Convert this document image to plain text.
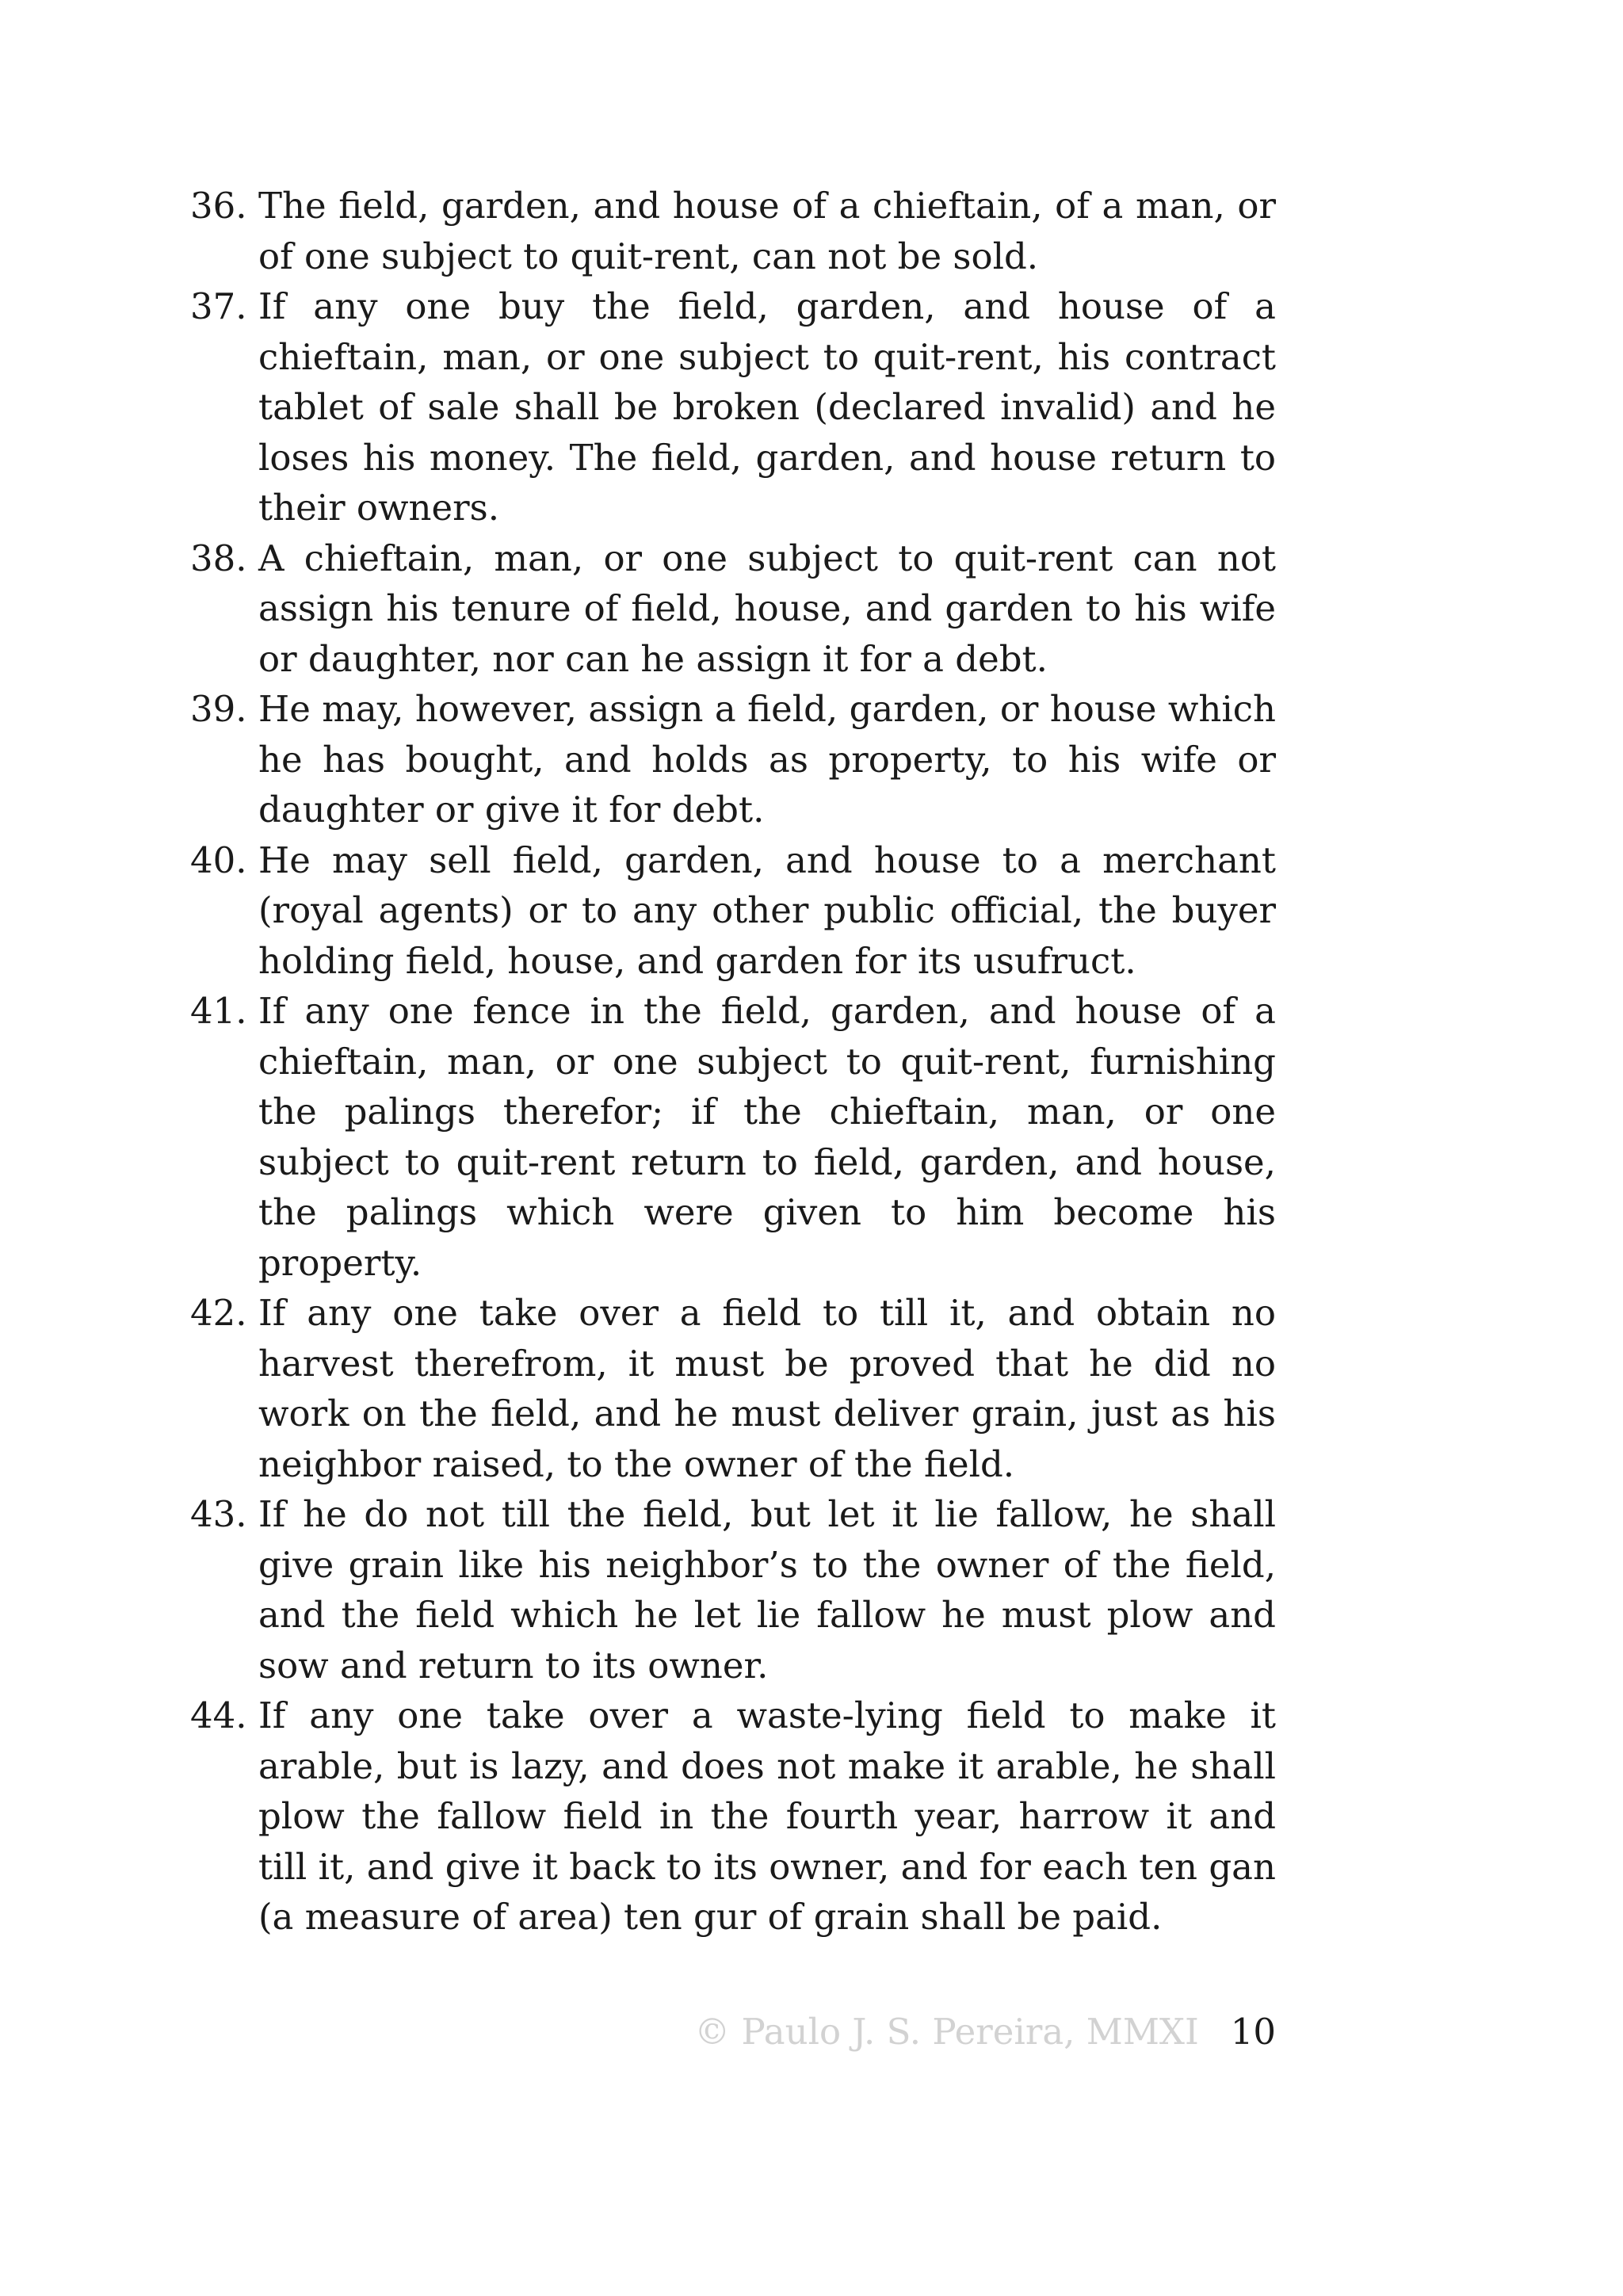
36. The field, garden, and house of a chieftain, of a man, or of one subject to quit-rent, can not be sold.
37. If any one buy the field, garden, and house of a chieftain, man, or one subject to quit-rent, his contract tablet of sale shall be broken (declared invalid) and he loses his money. The field, garden, and house return to their owners.
38. A chieftain, man, or one subject to quit-rent can not assign his tenure of field, house, and garden to his wife or daughter, nor can he assign it for a debt.
39. He may, however, assign a field, garden, or house which he has bought, and holds as property, to his wife or daughter or give it for debt.
40. He may sell field, garden, and house to a merchant (royal agents) or to any other public official, the buyer holding field, house, and garden for its usufruct.
41. If any one fence in the field, garden, and house of a chieftain, man, or one subject to quit-rent, furnishing the palings therefor; if the chieftain, man, or one subject to quit-rent return to field, garden, and house, the palings which were given to him become his property.
42. If any one take over a field to till it, and obtain no harvest therefrom, it must be proved that he did no work on the field, and he must deliver grain, just as his neighbor raised, to the owner of the field.
43. If he do not till the field, but let it lie fallow, he shall give grain like his neighbor’s to the owner of the field, and the field which he let lie fallow he must plow and sow and return to its owner.
44. If any one take over a waste-lying field to make it arable, but is lazy, and does not make it arable, he shall plow the fallow field in the fourth year, harrow it and till it, and give it back to its owner, and for each ten gan (a measure of area) ten gur of grain shall be paid.
© Paulo J. S. Pereira, MMXI 10
